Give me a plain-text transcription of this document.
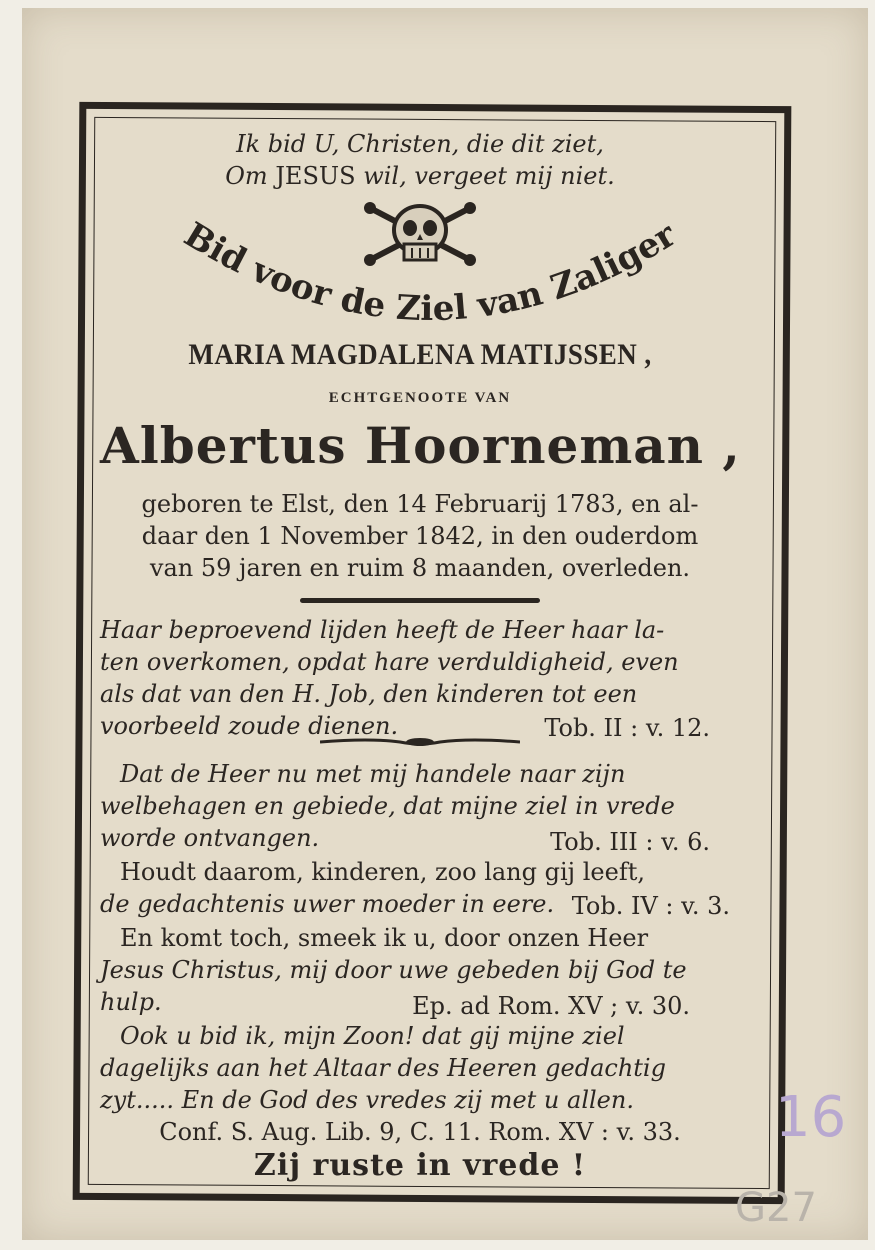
Ik bid U, Christen, die dit ziet,
Om JESUS wil, vergeet mij niet.
Bid voor de Ziel van Zaliger
MARIA MAGDALENA MATIJSSEN ,
ECHTGENOOTE VAN
Albertus Hoorneman ,
geboren te Elst, den 14 Februarij 1783, en al-
daar den 1 November 1842, in den ouderdom
van 59 jaren en ruim 8 maanden, overleden.
Haar beproevend lijden heeft de Heer haar la-
ten overkomen, opdat hare verduldigheid, even
als dat van den H. Job, den kinderen tot een
voorbeeld zoude dienen.	Tob. II : v. 12.
Dat de Heer nu met mij handele naar zijn
welbehagen en gebiede, dat mijne ziel in vrede
worde ontvangen.	Tob. III : v. 6.
Houdt daarom, kinderen, zoo lang gij leeft,
de gedachtenis uwer moeder in eere. Tob. IV : v. 3.
En komt toch, smeek ik u, door onzen Heer
Jesus Christus, mij door uwe gebeden bij God te
hulp.	Ep. ad Rom. XV ; v. 30.
Ook u bid ik, mijn Zoon! dat gij mijne ziel
dagelijks aan het Altaar des Heeren gedachtig
zyt..... En de God des vredes zij met u allen.
Conf. S. Aug. Lib. 9, C. 11. Rom. XV : v. 33.
Zij ruste in vrede !
16
G27
